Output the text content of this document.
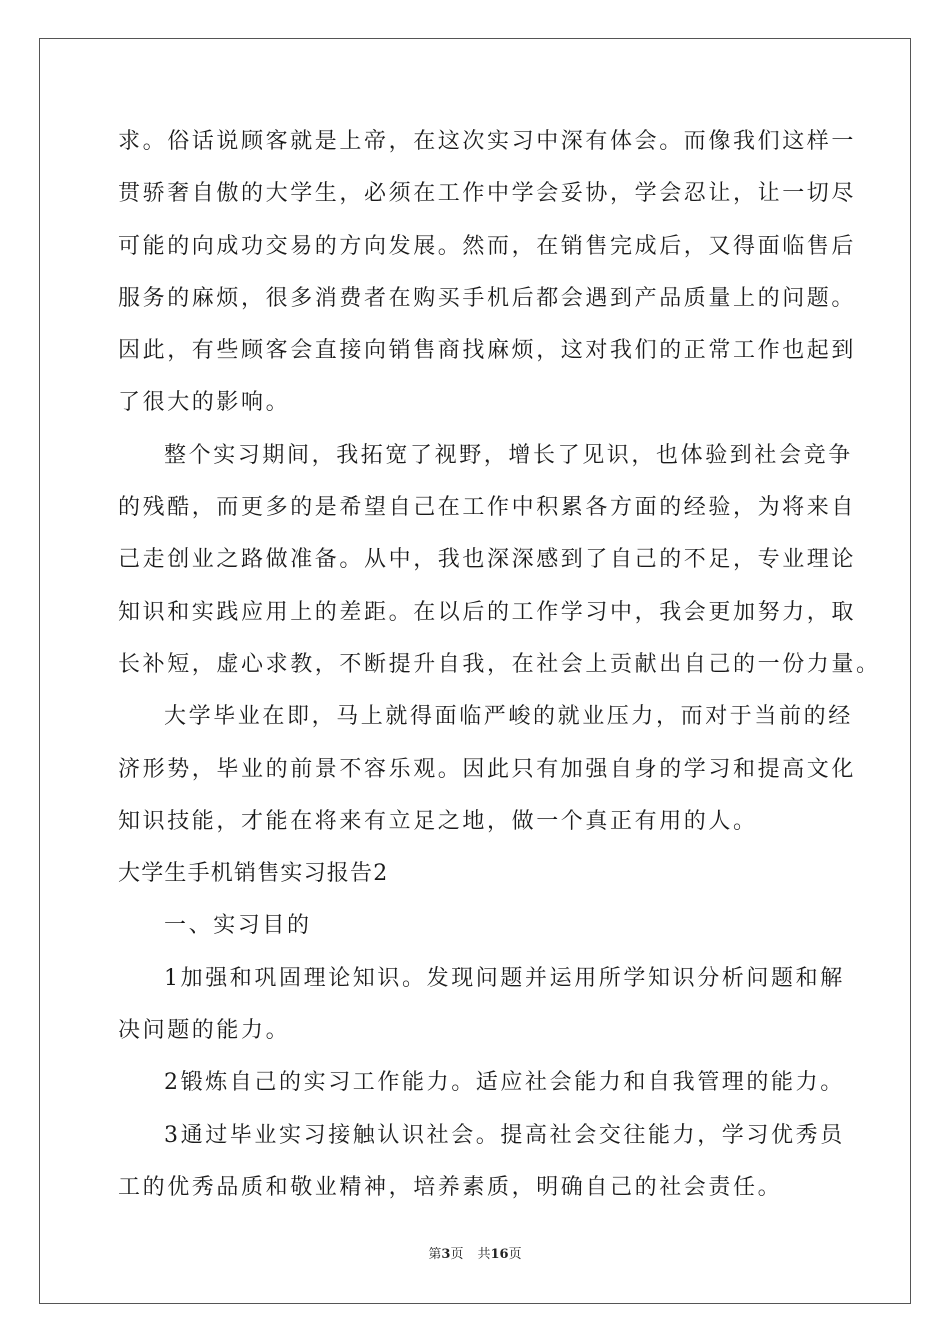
求。俗话说顾客就是上帝，在这次实习中深有体会。而像我们这样一
贯骄奢自傲的大学生，必须在工作中学会妥协，学会忍让，让一切尽
可能的向成功交易的方向发展。然而，在销售完成后，又得面临售后
服务的麻烦，很多消费者在购买手机后都会遇到产品质量上的问题。
因此，有些顾客会直接向销售商找麻烦，这对我们的正常工作也起到
了很大的影响。
整个实习期间，我拓宽了视野，增长了见识，也体验到社会竞争
的残酷，而更多的是希望自己在工作中积累各方面的经验，为将来自
己走创业之路做准备。从中，我也深深感到了自己的不足，专业理论
知识和实践应用上的差距。在以后的工作学习中，我会更加努力，取
长补短，虚心求教，不断提升自我，在社会上贡献出自己的一份力量。
大学毕业在即，马上就得面临严峻的就业压力，而对于当前的经
济形势，毕业的前景不容乐观。因此只有加强自身的学习和提高文化
知识技能，才能在将来有立足之地，做一个真正有用的人。
大学生手机销售实习报告2
一、实习目的
1加强和巩固理论知识。发现问题并运用所学知识分析问题和解
决问题的能力。
2锻炼自己的实习工作能力。适应社会能力和自我管理的能力。
3通过毕业实习接触认识社会。提高社会交往能力，学习优秀员
工的优秀品质和敬业精神，培养素质，明确自己的社会责任。
第3页 共16页
